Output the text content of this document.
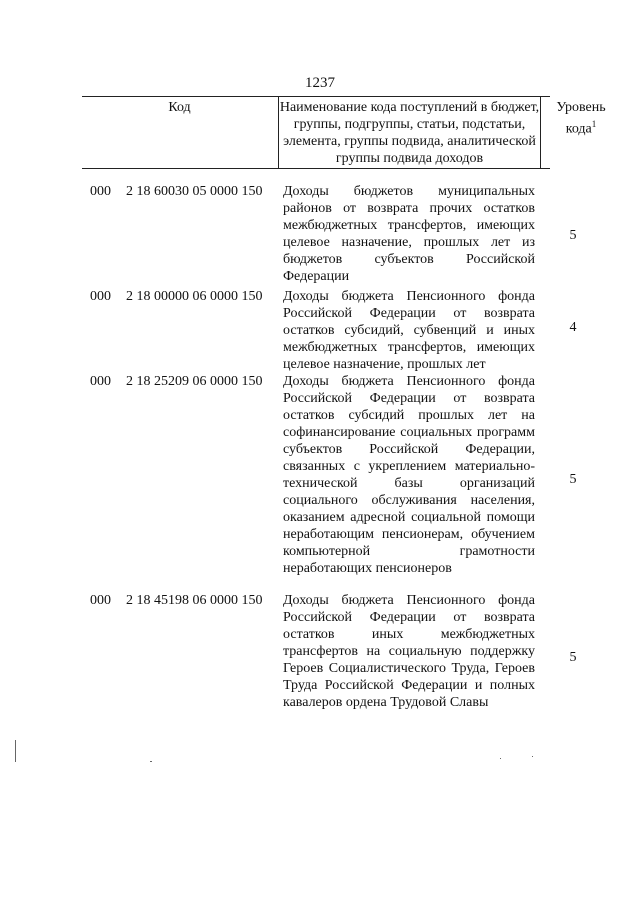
1237
Код	Наименование кода поступлений в бюджет, группы, подгруппы, статьи, подстатьи, элемента, группы подвида, аналитической группы подвида доходов
Уровень кода$^1$
000 2 18 60030 05 0000 150 Доходы бюджетов муниципальных районов от возврата прочих остатков межбюджетных трансфертов, имеющих целевое назначение, прошлых лет из бюджетов субъектов Российской Федерации
5
000 2 18 00000 06 0000 150 Доходы бюджета Пенсионного фонда Российской Федерации от возврата остатков субсидий, субвенций и иных межбюджетных трансфертов, имеющих целевое назначение, прошлых лет
4
000 2 18 25209 06 0000 150 Доходы бюджета Пенсионного фонда Российской Федерации от возврата остатков субсидий прошлых лет на софинансирование социальных программ субъектов Российской Федерации, связанных с укреплением материально-технической базы организаций социального обслуживания населения, оказанием адресной социальной помощи неработающим пенсионерам, обучением компьютерной грамотности неработающих пенсионеров
5
000 2 18 45198 06 0000 150 Доходы бюджета Пенсионного фонда Российской Федерации от возврата остатков иных межбюджетных трансфертов на социальную поддержку Героев Социалистического Труда, Героев Труда Российской Федерации и полных кавалеров ордена Трудовой Славы
5
